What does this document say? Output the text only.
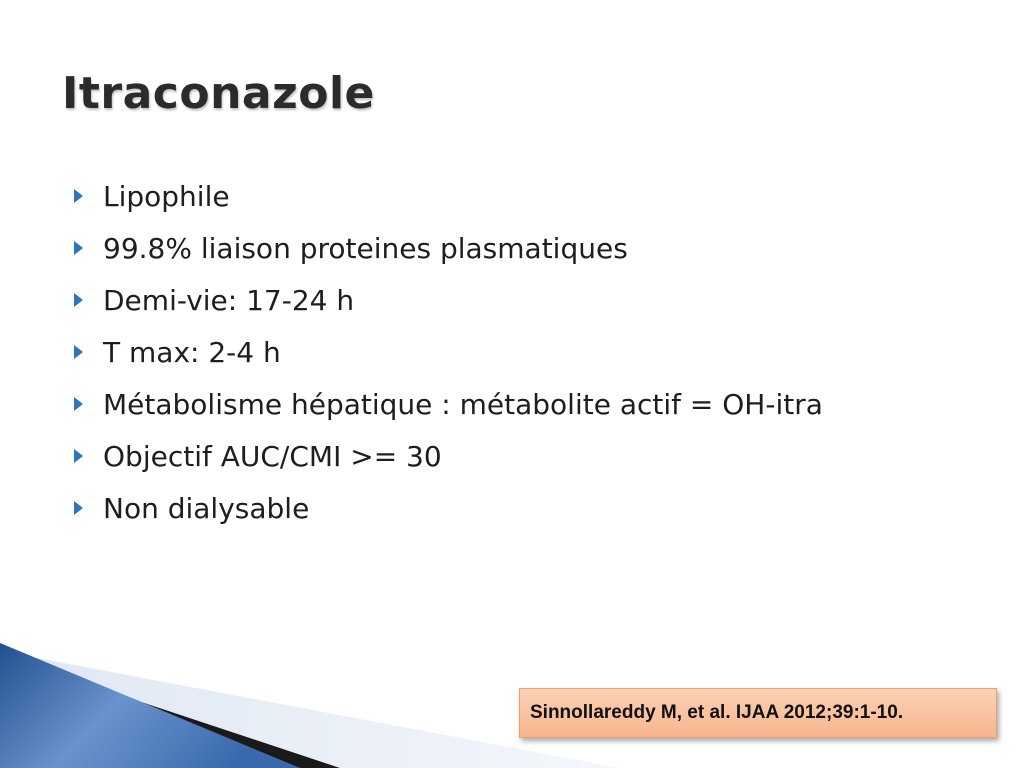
Itraconazole
Lipophile
99.8% liaison proteines plasmatiques
Demi-vie: 17-24 h
T max: 2-4 h
Métabolisme hépatique : métabolite actif = OH-itra
Objectif AUC/CMI >= 30
Non dialysable
Sinnollareddy M, et al. IJAA 2012;39:1-10.
